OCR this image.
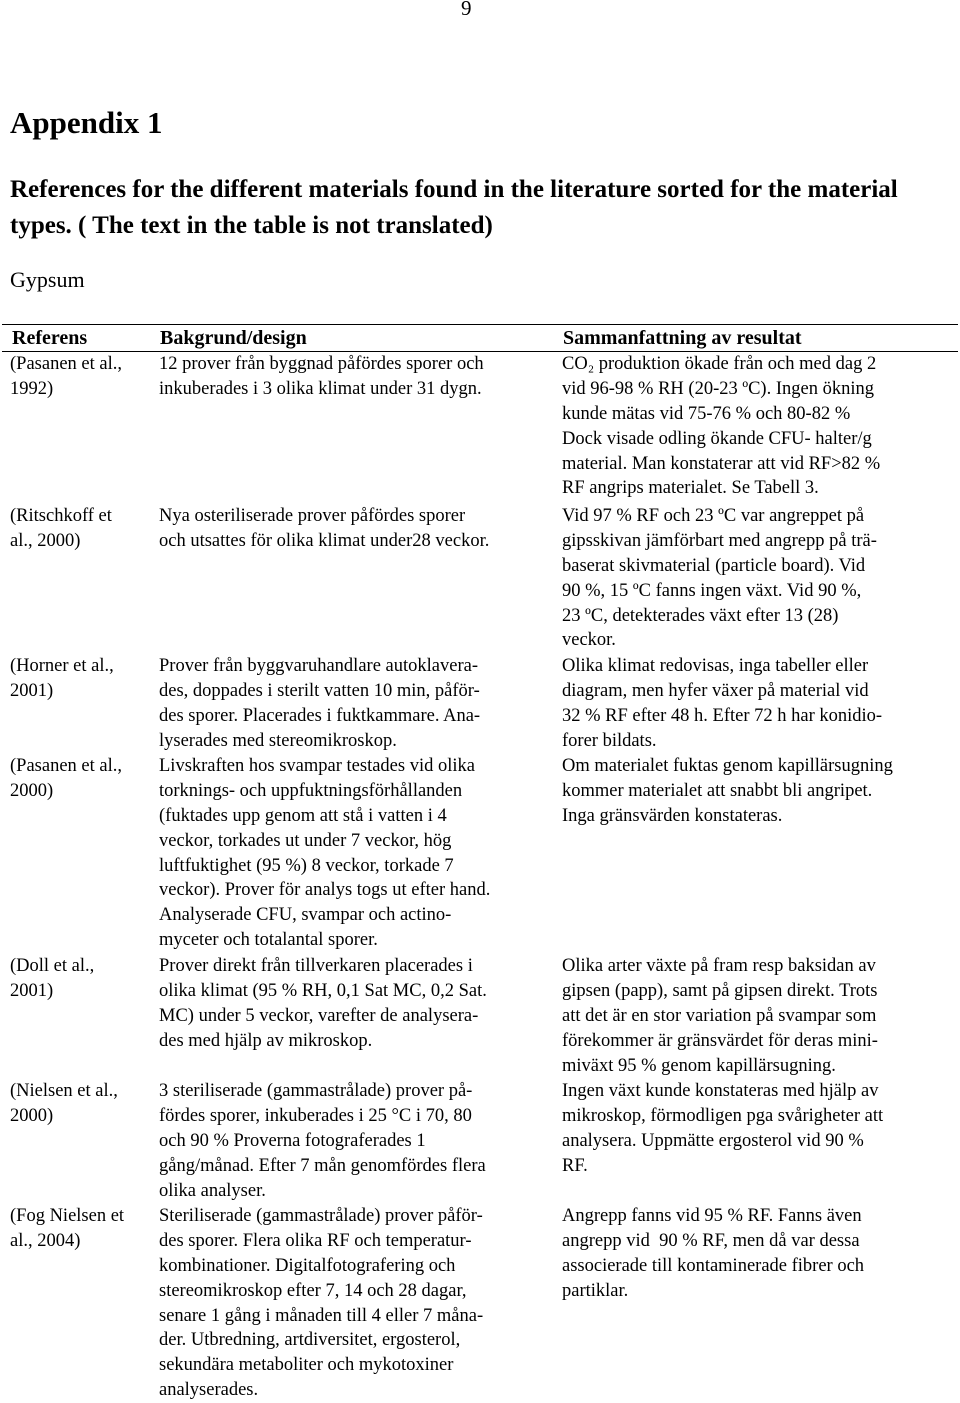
9
Appendix 1

References for the different materials found in the literature sorted for the material types. ( The text in the table is not translated)

Gypsum
Referens	Bakgrund/design	Sammanfattning av resultat
(Pasanen et al.,
1992)
12 prover från byggnad påfördes sporer och
inkuberades i 3 olika klimat under 31 dygn.
CO₂ produktion ökade från och med dag 2
vid 96-98 % RH (20-23 ºC). Ingen ökning
kunde mätas vid 75-76 % och 80-82 %
Dock visade odling ökande CFU- halter/g
material. Man konstaterar att vid RF>82 %
RF angrips materialet. Se Tabell 3.
(Ritschkoff et
al., 2000)
Nya osteriliserade prover påfördes sporer
och utsattes för olika klimat under28 veckor.
Vid 97 % RF och 23 ºC var angreppet på
gipsskivan jämförbart med angrepp på trä-
baserat skivmaterial (particle board). Vid
90 %, 15 ºC fanns ingen växt. Vid 90 %,
23 ºC, detekterades växt efter 13 (28)
veckor.
(Horner et al.,
2001)
Prover från byggvaruhandlare autoklavera-
des, doppades i sterilt vatten 10 min, påför-
des sporer. Placerades i fuktkammare. Ana-
lyserades med stereomikroskop.
Olika klimat redovisas, inga tabeller eller
diagram, men hyfer växer på material vid
32 % RF efter 48 h. Efter 72 h har konidio-
forer bildats.
(Pasanen et al.,
2000)
Livskraften hos svampar testades vid olika
torknings- och uppfuktningsförhållanden
(fuktades upp genom att stå i vatten i 4
veckor, torkades ut under 7 veckor, hög
luftfuktighet (95 %) 8 veckor, torkade 7
veckor). Prover för analys togs ut efter hand.
Analyserade CFU, svampar och actino-
myceter och totalantal sporer.
Om materialet fuktas genom kapillärsugning
kommer materialet att snabbt bli angripet.
Inga gränsvärden konstateras.
(Doll et al.,
2001)
Prover direkt från tillverkaren placerades i
olika klimat (95 % RH, 0,1 Sat MC, 0,2 Sat.
MC) under 5 veckor, varefter de analysera-
des med hjälp av mikroskop.
Olika arter växte på fram resp baksidan av
gipsen (papp), samt på gipsen direkt. Trots
att det är en stor variation på svampar som
förekommer är gränsvärdet för deras mini-
miväxt 95 % genom kapillärsugning.
(Nielsen et al.,
2000)
3 steriliserade (gammastrålade) prover på-
fördes sporer, inkuberades i 25 °C i 70, 80
och 90 % Proverna fotograferades 1
gång/månad. Efter 7 mån genomfördes flera
olika analyser.
Ingen växt kunde konstateras med hjälp av
mikroskop, förmodligen pga svårigheter att
analysera. Uppmätte ergosterol vid 90 %
RF.
(Fog Nielsen et
al., 2004)
Steriliserade (gammastrålade) prover påför-
des sporer. Flera olika RF och temperatur-
kombinationer. Digitalfotografering och
stereomikroskop efter 7, 14 och 28 dagar,
senare 1 gång i månaden till 4 eller 7 måna-
der. Utbredning, artdiversitet, ergosterol,
sekundära metaboliter och mykotoxiner
analyserades.
Angrepp fanns vid 95 % RF. Fanns även
angrepp vid  90 % RF, men då var dessa
associerade till kontaminerade fibrer och
partiklar.
